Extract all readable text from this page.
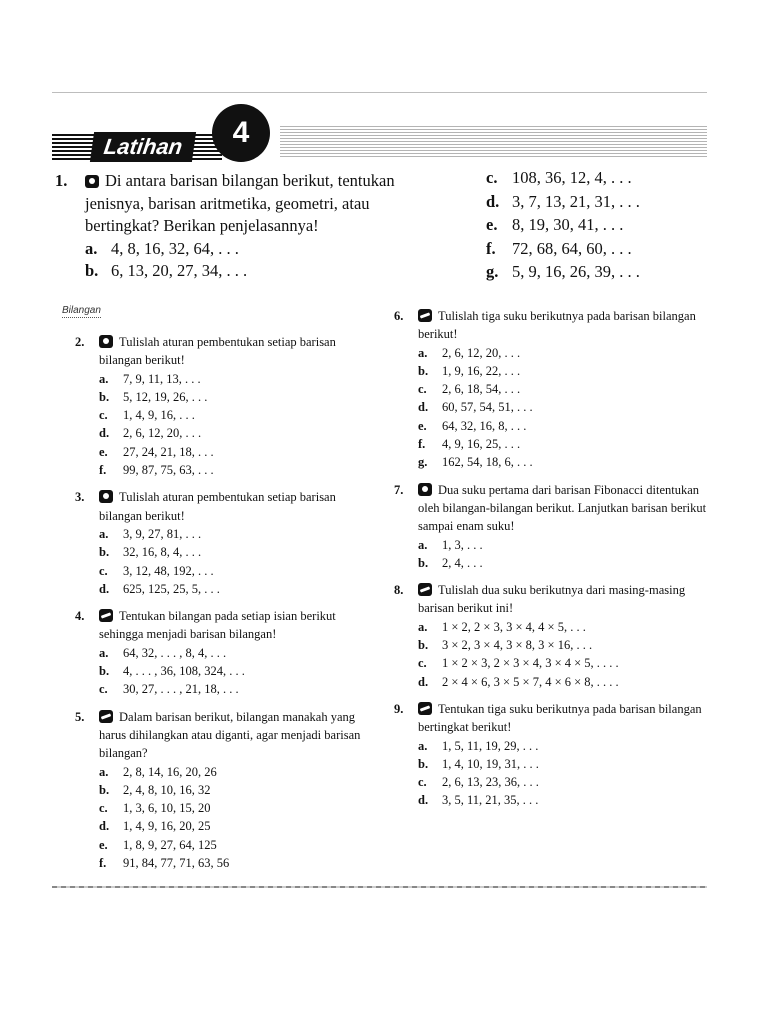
Latihan	4
1.	Di antara barisan bilangan berikut, tentukan jenisnya, barisan aritmetika, geometri, atau bertingkat? Berikan penjelasannya!
a. 4, 8, 16, 32, 64, . . .
b. 6, 13, 20, 27, 34, . . .
c. 108, 36, 12, 4, . . .
d. 3, 7, 13, 21, 31, . . .
e. 8, 19, 30, 41, . . .
f. 72, 68, 64, 60, . . .
g. 5, 9, 16, 26, 39, . . .
Bilangan
2.	Tulislah aturan pembentukan setiap barisan bilangan berikut!
a.	7, 9, 11, 13, . . .
b.	5, 12, 19, 26, . . .
c.	1, 4, 9, 16, . . .
d.	2, 6, 12, 20, . . .
e.	27, 24, 21, 18, . . .
f.	99, 87, 75, 63, . . .
3.	Tulislah aturan pembentukan setiap barisan bilangan berikut!
a.	3, 9, 27, 81, . . .
b.	32, 16, 8, 4, . . .
c.	3, 12, 48, 192, . . .
d.	625, 125, 25, 5, . . .
4.	Tentukan bilangan pada setiap isian berikut sehingga menjadi barisan bilangan!
a.	64, 32, . . . , 8, 4, . . .
b.	4, . . . , 36, 108, 324, . . .
c.	30, 27, . . . , 21, 18, . . .
5.	Dalam barisan berikut, bilangan manakah yang harus dihilangkan atau diganti, agar menjadi barisan bilangan?
a.	2, 8, 14, 16, 20, 26
b.	2, 4, 8, 10, 16, 32
c.	1, 3, 6, 10, 15, 20
d.	1, 4, 9, 16, 20, 25
e.	1, 8, 9, 27, 64, 125
f.	91, 84, 77, 71, 63, 56
6.	Tulislah tiga suku berikutnya pada barisan bilangan berikut!
a.	2, 6, 12, 20, . . .
b.	1, 9, 16, 22, . . .
c.	2, 6, 18, 54, . . .
d.	60, 57, 54, 51, . . .
e.	64, 32, 16, 8, . . .
f.	4, 9, 16, 25, . . .
g.	162, 54, 18, 6, . . .
7.	Dua suku pertama dari barisan Fibonacci ditentukan oleh bilangan-bilangan berikut. Lanjutkan barisan berikut sampai enam suku!
a.	1, 3, . . .
b.	2, 4, . . .
8.	Tulislah dua suku berikutnya dari masing-masing barisan berikut ini!
a.	1 × 2, 2 × 3, 3 × 4, 4 × 5, . . .
b.	3 × 2, 3 × 4, 3 × 8, 3 × 16, . . .
c.	1 × 2 × 3, 2 × 3 × 4, 3 × 4 × 5, . . . .
d.	2 × 4 × 6, 3 × 5 × 7, 4 × 6 × 8, . . . .
9.	Tentukan tiga suku berikutnya pada barisan bilangan bertingkat berikut!
a.	1, 5, 11, 19, 29, . . .
b.	1, 4, 10, 19, 31, . . .
c.	2, 6, 13, 23, 36, . . .
d.	3, 5, 11, 21, 35, . . .
